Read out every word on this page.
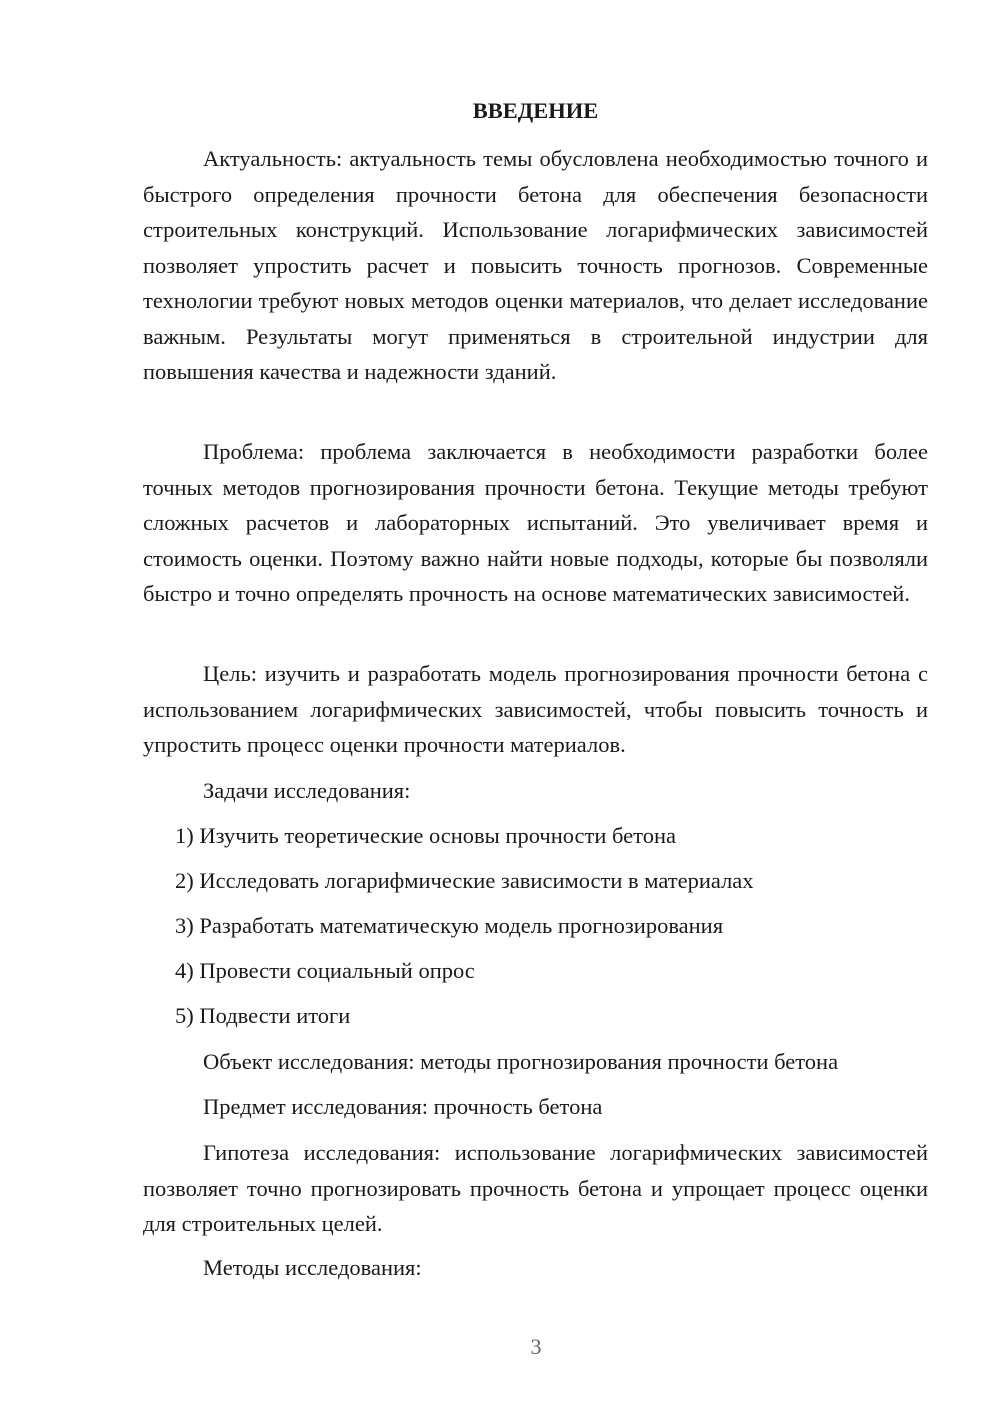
ВВЕДЕНИЕ

Актуальность: актуальность темы обусловлена необходимостью точного и быстрого определения прочности бетона для обеспечения безопасности строительных конструкций. Использование логарифмических зависимостей позволяет упростить расчет и повысить точность прогнозов. Современные технологии требуют новых методов оценки материалов, что делает исследование важным. Результаты могут применяться в строительной индустрии для повышения качества и надежности зданий.

Проблема: проблема заключается в необходимости разработки более точных методов прогнозирования прочности бетона. Текущие методы требуют сложных расчетов и лабораторных испытаний. Это увеличивает время и стоимость оценки. Поэтому важно найти новые подходы, которые бы позволяли быстро и точно определять прочность на основе математических зависимостей.

Цель: изучить и разработать модель прогнозирования прочности бетона с использованием логарифмических зависимостей, чтобы повысить точность и упростить процесс оценки прочности материалов.

Задачи исследования:

1) Изучить теоретические основы прочности бетона

2) Исследовать логарифмические зависимости в материалах

3) Разработать математическую модель прогнозирования

4) Провести социальный опрос

5) Подвести итоги

Объект исследования: методы прогнозирования прочности бетона

Предмет исследования: прочность бетона

Гипотеза исследования: использование логарифмических зависимостей позволяет точно прогнозировать прочность бетона и упрощает процесс оценки для строительных целей.

Методы исследования:

3
